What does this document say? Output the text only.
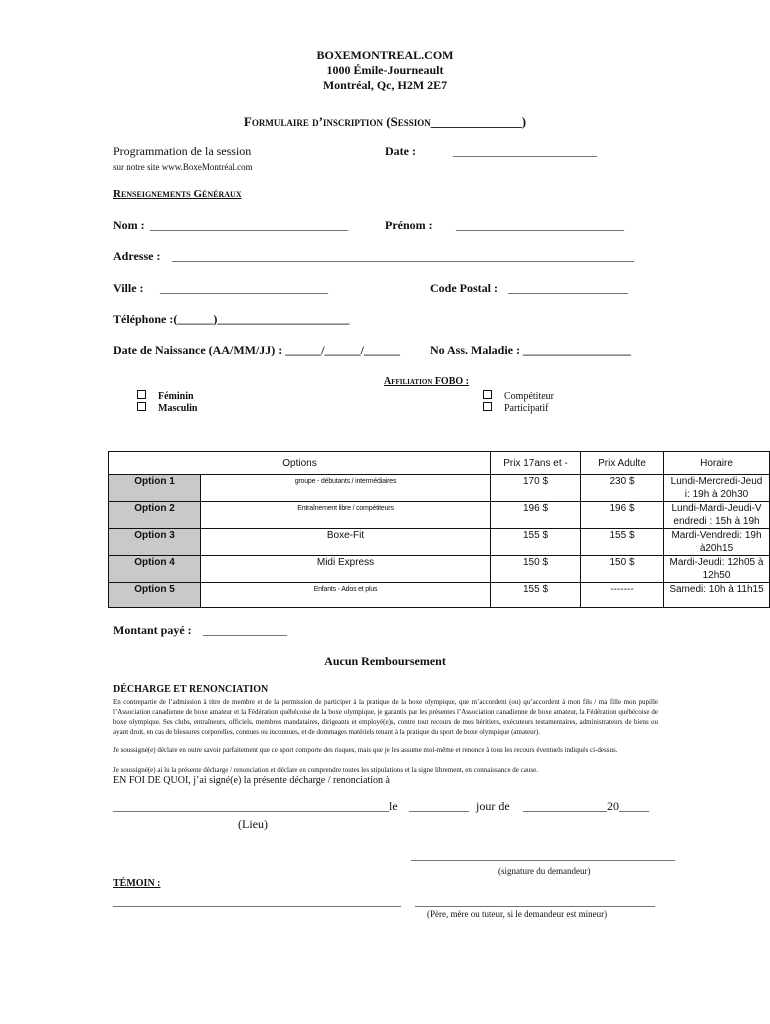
BOXEMONTREAL.COM
1000 Émile-Journeault
Montréal, Qc, H2M 2E7
Formulaire d’inscription (Session______________)
Programmation de la session
sur notre site www.BoxeMontréal.com
Date :	________________________
Renseignements Généraux
Nom : _________________________________	Prénom : ____________________________
Adresse : _____________________________________________________________________________
Ville : ____________________________	Code Postal : ____________________
Téléphone :(______)______________________
Date de Naissance (AA/MM/JJ) : ______/______/______	No Ass. Maladie : __________________
Féminin
Masculin
Affiliation FOBO :
Compétiteur
Participatif
Options		Prix 17ans et -	Prix Adulte	Horaire
Option 1	groupe - débutants / intermédiaires	170 $	230 $	Lundi-Mercredi-Jeud i: 19h à 20h30
Option 2	Entraînement libre / compétiteurs	196 $	196 $	Lundi-Mardi-Jeudi-V endredi : 15h à 19h
Option 3	Boxe-Fit	155 $	155 $	Mardi-Vendredi: 19h à20h15
Option 4	Midi Express	150 $	150 $	Mardi-Jeudi: 12h05 à 12h50
Option 5	Enfants - Ados et plus	155 $	-------	Samedi: 10h à 11h15
Montant payé : ______________
Aucun Remboursement
DÉCHARGE ET RENONCIATION
En contrepartie de l’admission à titre de membre et de la permission de participer à la pratique de la boxe olympique, que m’accordent (ou) qu’accordent à mon fils / ma fille mon pupille l’Association canadienne de boxe amateur et la Fédération québécoise de la boxe olympique, je garantis par les présentes l’Association canadienne de boxe amateur, la Fédération québécoise de boxe olympique. Ses clubs, entraîneurs, officiels, membres mandataires, dirigeants et employé(e)s, contre tout recours de mes héritiers, exécuteurs testamentaires, administrateurs de biens ou ayant droit, en cas de blessures corporelles, connues ou inconnues, et de dommages matériels tenant à la pratique du sport de boxe olympique (amateur).
Je soussigné(e) déclare en outre savoir parfaitement que ce sport comporte des risques, mais que je les assume moi-même et renonce à tous les recours éventuels indiqués ci-dessus.
Je soussigné(e) ai lu la présente décharge / renonciation et déclare en comprendre toutes les stipulations et la signe librement, en connaissance de cause.
EN FOI DE QUOI, j’ai signé(e) la présente décharge / renonciation à
______________________________________________ le __________ jour de ______________20_____
(Lieu)
____________________________________________
(signature du demandeur)
TÉMOIN :
________________________________________________ ________________________________________
(Père, mère ou tuteur, si le demandeur est mineur)
